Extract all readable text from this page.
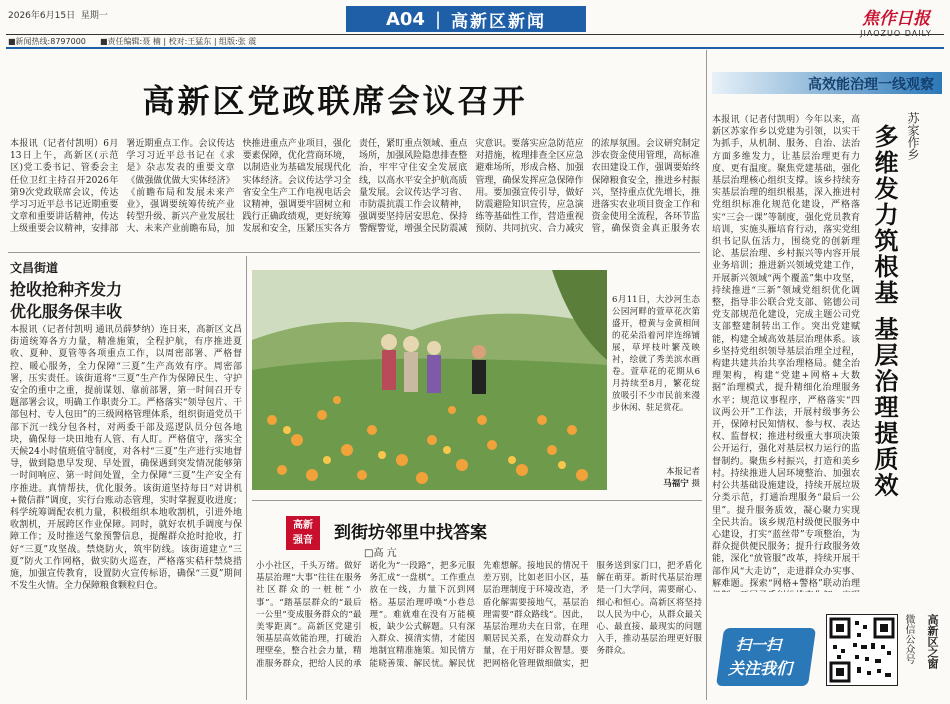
2026年6月15日 星期一	A04 | 高新区新闻	焦作日报
■新闻热线:8797000 ■责任编辑:聂 楠 | 校对:王猛东 | 组版:张 震
高新区党政联席会议召开
本报讯（记者付凯明）6月13日上午，高新区(示范区)党工委书记、管委会主任位卫红主持召开2026年第9次党政联席会议，传达学习习近平总书记近期重要文章和重要讲话精神，传达上级重要会议精神，安排部署近期重点工作。会议传达学习习近平总书记在《求是》杂志发表的重要文章《做强做优做大实体经济》《前瞻布局和发展未来产业》，强调要统筹传统产业转型升级、新兴产业发展壮大、未来产业前瞻布局，加快推进重点产业项目，强化要素保障，优化营商环境，以制造业为基础发展现代化实体经济。会议传达学习全省安全生产工作电视电话会议精神，强调要牢固树立和践行正确政绩观，更好统筹发展和安全，压紧压实各方责任，紧盯重点领域、重点场所，加强风险隐患排查整治，牢牢守住安全发展底线，以高水平安全护航高质量发展。会议传达学习省、市防震抗震工作会议精神，强调要坚持居安思危、保持警醒警觉，增强全民防震减灾意识。要落实应急防范应对措施，梳理排查全区应急避难场所，形成合格、加强管理，确保发挥应急保障作用。要加强宣传引导，做好防震避险知识宣传，应急演练等基础性工作，营造重视预防、共同抗灾、合力减灾的浓厚氛围。会议研究制定涉农资金使用管理，高标准农田建设工作，强调要始终保障粮食安全，推进乡村振兴，坚持重点优先增长，推进落实农业项目资金工作和资金使用全流程，各环节监管，确保资金真正服务农
高效能治理一线观察
本报讯（记者付凯明）今年以来，高新区苏家作乡以党建为引领，以实干为抓手，从机制、服务、自治、法治方面多维发力，让基层治理更有力度、更有温度。聚焦党建基础，强化基层治理核心组织支撑。该乡持续夯实基层治理的组织根基，深入推进村党组织标准化规范化建设，严格落实“三会一课”等制度，强化党员教育培训，实施头雁培育行动，落实党组织书记队伍活力，围绕党的创新理论、基层治理、乡村振兴等内容开展业务培训；推进新兴领域党建工作，开展新兴领域“两个覆盖”集中攻坚，持续推进“三新”领域党组织优化调整，指导非公联合党支部、铭德公司党支部规范化建设，完成主题公司党支部整建制转出工作。突出党建赋能，构建全域高效基层治理体系。该乡坚持党组织领导基层治理全过程，构建共建共治共享治理格局。健全治理架构，构建“党建+网格+大数据”治理模式，提升精细化治理服务水平；规范议事程序，严格落实“四议两公开”工作法，开展村级事务公开，保障村民知情权、参与权、表达权、监督权；推进村级重大事项决策公开运行，强化对基层权力运行的监督制约。聚焦乡村振兴，打造和美乡村。持续推进人居环境整治、加强农村公共基础设施建设，持续开展垃圾分类示范，打通治理服务“最后一公里”。提升服务质效，凝心聚力实现全民共治。该乡规范村级便民服务中心建设，打实“蓝丝带”专项整治，为群众提供便民服务；提升行政服务效能，深化“放管服”改革，持续开展干部作风“大走访”，走进群众办实事、解难题。探索“网格+警格”联动治理
苏家作乡
多维发力筑根基 基层治理提质效
文昌街道
抢收抢种齐发力
优化服务保丰收
本报讯（记者付凯明 通讯员薛梦纳）连日来，高新区文昌街道统筹各方力量，精准施策，全程护航，有序推进夏收、夏种、夏管等各项重点工作，以周密部署、严格督控、暖心服务，全力保障“三夏”生产高效有序。周密部署，压实责任。该街道将“三夏”生产作为保障民生、守护安全的重中之重，提前谋划、靠前部署，第一时间召开专题部署会议，明确工作职责分工。严格落实“领导包片、干部包村、专人包田”的三级网格管理体系，组织街道党员干部下沉一线分包各村，对两委干部及巡逻队员分包各地块，确保每一块田地有人管、有人盯。严格值守，落实全天候24小时值班值守制度，对各村“三夏”生产进行实地督导，做到隐患早发现、早处置，确保遇到突发情况能够第一时间响应、第一时间处置，全力保障“三夏”生产安全有序推进。真情帮扶，优化服务。该街道坚持每日“对讲机+微信群”调度，实行台账动态管理，实时掌握夏收进度；科学统筹调配农机力量，积极组织本地收割机，引进外地收割机，开展跨区作业保障。同时，就好农机手调度与保障工作；及时推送气象预警信息，提醒群众抢时抢收，打好“三夏”攻坚战。禁烧防火，筑牢防线。该街道建立“三夏”防火工作网格，做实防火巡查，严格落实秸秆禁烧措施，加强宣传教育，设置防火宣传标语，确保“三夏”期间不发生火情。全力保障粮食颗粒归仓。
6月11日，大沙河生态公园河畔的萱草花次第盛开，橙黄与金黄相间的花朵沿着河岸连绵铺展，草坪枝叶繁茂映衬，绘就了秀美滨水画卷。萱草花的花期从6月持续至8月，繁花绽放吸引不少市民前来漫步休闲、驻足赏花。
本报记者
马福宁 摄
高新
强音	到街坊邻里中找答案
□高 亢
小小社区，千头万绪。做好基层治理“大事”往往在服务社区群众的一桩桩“小事”。“踏基层群众的“最后一公里”变成服务群众的“最美零距离”。高新区党建引领基层高效能治理，打破治理壁垒，整合社会力量，精准服务群众，把给人民的承诺化为“一段路”，把多元服务汇成“一盘棋”。工作重点放在一线，力量下沉到网格。基层治理呼唤“小巷总理”。难就难在没有万能模板，缺少公式解题。只有深入群众、摸清实情，才能因地制宜精准施策。知民情方能晓善策、解民忧。解民忧先难想解。接地民的情况千差万别，比如老旧小区，基层治理制度于环境改造，矛盾化解需要接地气，基层治理需要“群众路线”。因此，基层治理功夫在日常，在理顺居民关系，在发动群众力量，在于用好群众智慧。要把网格化管理做细做实，把服务送到家门口，把矛盾化解在萌芽。新时代基层治理是一门大学问，需要耐心、细心和恒心。高新区将坚持以人民为中心，从群众最关心、最直接、最现实的问题入手，推动基层治理更好服务群众。	扫一扫
关注我们
微信公众号	高新区之窗
